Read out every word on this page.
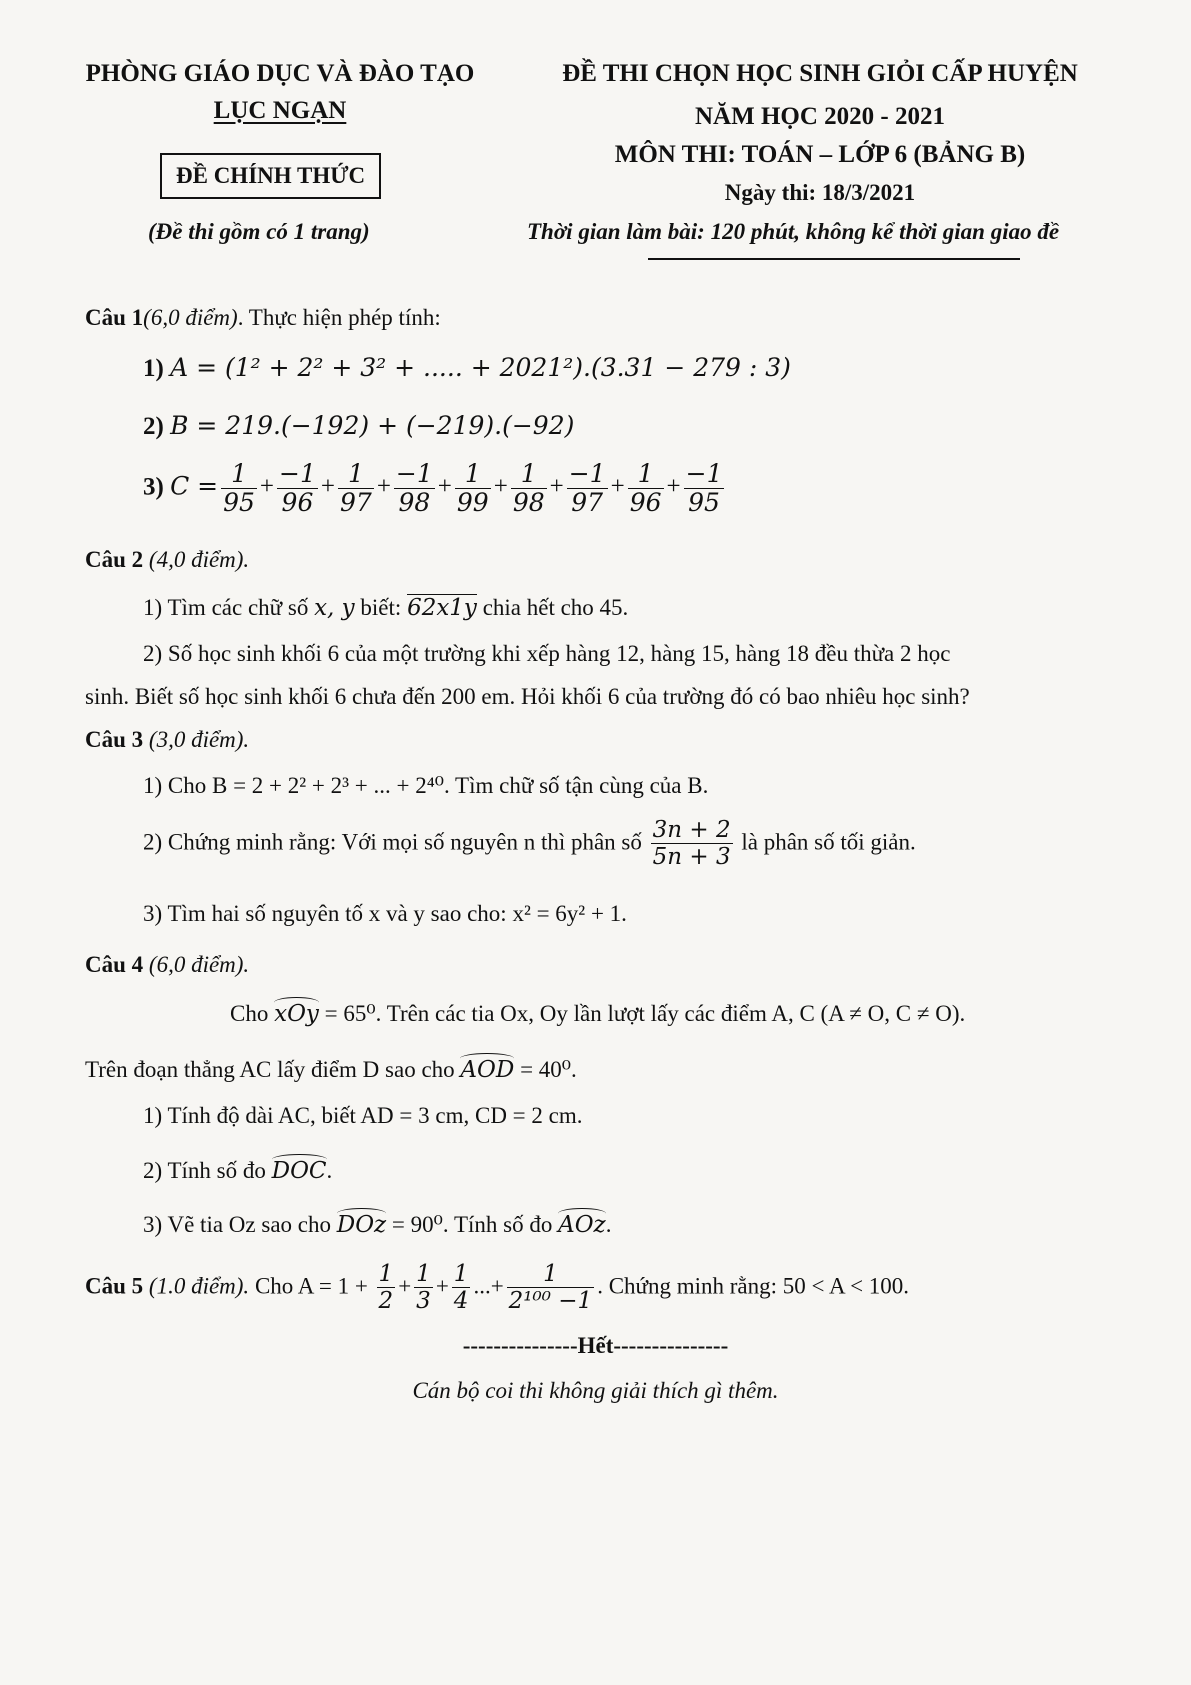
PHÒNG GIÁO DỤC VÀ ĐÀO TẠO
LỤC NGẠN
ĐỀ CHÍNH THỨC
(Đề thi gồm có 1 trang)
ĐỀ THI CHỌN HỌC SINH GIỎI CẤP HUYỆN
NĂM HỌC 2020 - 2021
MÔN THI: TOÁN – LỚP 6 (BẢNG B)
Ngày thi: 18/3/2021
Thời gian làm bài: 120 phút, không kể thời gian giao đề
Câu 1(6,0 điểm). Thực hiện phép tính:
1) A = (1² + 2² + 3² + ..... + 2021²).(3.31 − 279 : 3)
2) B = 219.(−192) + (−219).(−92)
3) $C = \frac{1}{95} + \frac{-1}{96} + \frac{1}{97} + \frac{-1}{98} + \frac{1}{99} + \frac{1}{98} + \frac{-1}{97} + \frac{1}{96} + \frac{-1}{95}$
Câu 2 (4,0 điểm).
1) Tìm các chữ số x, y biết: 62x1y chia hết cho 45.
2) Số học sinh khối 6 của một trường khi xếp hàng 12, hàng 15, hàng 18 đều thừa 2 học
sinh. Biết số học sinh khối 6 chưa đến 200 em. Hỏi khối 6 của trường đó có bao nhiêu học sinh?
Câu 3 (3,0 điểm).
1) Cho B = 2 + 2² + 2³ + ... + 2⁴⁰. Tìm chữ số tận cùng của B.
2) Chứng minh rằng: Với mọi số nguyên n thì phân số $\frac{3n + 2}{5n + 3}$ là phân số tối giản.
3) Tìm hai số nguyên tố x và y sao cho: x² = 6y² + 1.
Câu 4 (6,0 điểm).
Cho xOy = 65⁰. Trên các tia Ox, Oy lần lượt lấy các điểm A, C (A ≠ O, C ≠ O).
Trên đoạn thẳng AC lấy điểm D sao cho AOD = 40⁰.
1) Tính độ dài AC, biết AD = 3 cm, CD = 2 cm.
2) Tính số đo DOC.
3) Vẽ tia Oz sao cho DOz = 90⁰. Tính số đo AOz.
Câu 5 (1.0 điểm). Cho $A = 1 + \frac{1}{2} + \frac{1}{3} + \frac{1}{4}$ ...+ $\frac{1}{\text{2¹⁰⁰ −1}}$ . Chứng minh rằng: 50 < A < 100.
---------------Hết---------------
Cán bộ coi thi không giải thích gì thêm.
